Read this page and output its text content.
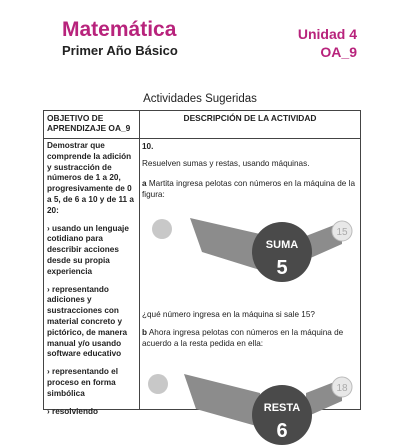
Matemática
Primer Año Básico
Unidad 4
OA_9
Actividades Sugeridas
OBJETIVO DE APRENDIZAJE OA_9
DESCRIPCIÓN DE LA ACTIVIDAD

Demostrar que comprende la adición y sustracción de números de 1 a 20, progresivamente de 0 a 5, de 6 a 10 y de 11 a 20:

› usando un lenguaje cotidiano para describir acciones desde su propia experiencia

› representando adiciones y sustracciones con material concreto y pictórico, de manera manual y/o usando software educativo

› representando el proceso en forma simbólica

› resolviendo

10.

Resuelven sumas y restas, usando máquinas.

a Martita ingresa pelotas con números en la máquina de la figura:

15
SUMA
5

¿qué número ingresa en la máquina si sale 15?

b Ahora ingresa pelotas con números en la máquina de acuerdo a la resta pedida en ella:

18
RESTA
6
